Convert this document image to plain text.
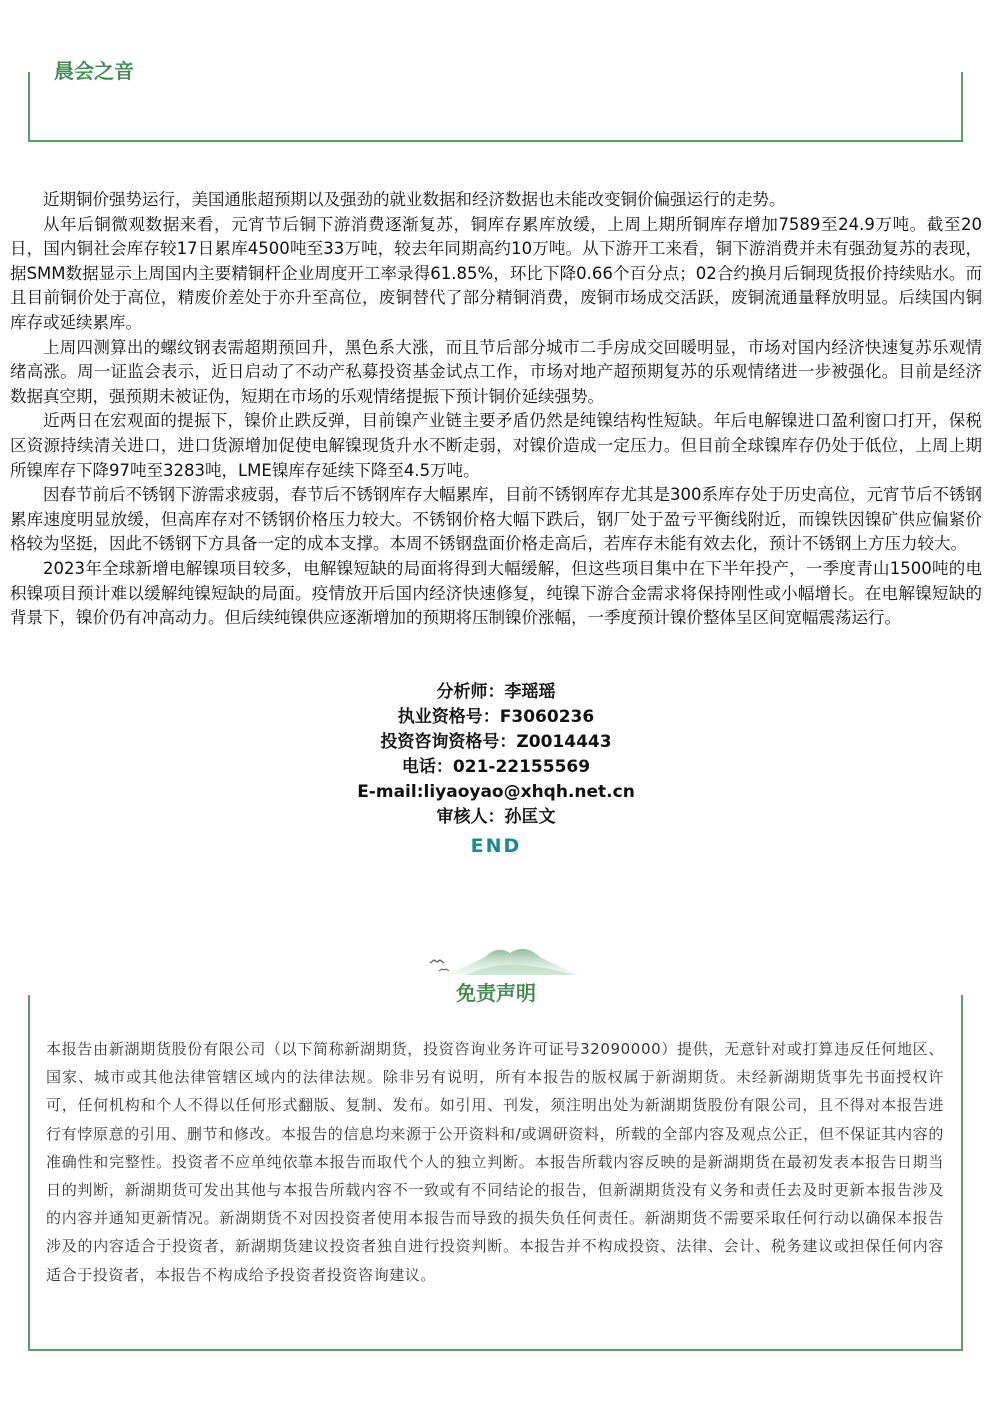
晨会之音

近期铜价强势运行，美国通胀超预期以及强劲的就业数据和经济数据也未能改变铜价偏强运行的走势。

从年后铜微观数据来看，元宵节后铜下游消费逐渐复苏，铜库存累库放缓，上周上期所铜库存增加7589至24.9万吨。截至20日，国内铜社会库存较17日累库4500吨至33万吨，较去年同期高约10万吨。从下游开工来看，铜下游消费并未有强劲复苏的表现，据SMM数据显示上周国内主要精铜杆企业周度开工率录得61.85%，环比下降0.66个百分点；02合约换月后铜现货报价持续贴水。而且目前铜价处于高位，精废价差处于亦升至高位，废铜替代了部分精铜消费，废铜市场成交活跃，废铜流通量释放明显。后续国内铜库存或延续累库。

上周四测算出的螺纹钢表需超期预回升，黑色系大涨，而且节后部分城市二手房成交回暖明显，市场对国内经济快速复苏乐观情绪高涨。周一证监会表示，近日启动了不动产私募投资基金试点工作，市场对地产超预期复苏的乐观情绪进一步被强化。目前是经济数据真空期，强预期未被证伪，短期在市场的乐观情绪提振下预计铜价延续强势。

近两日在宏观面的提振下，镍价止跌反弹，目前镍产业链主要矛盾仍然是纯镍结构性短缺。年后电解镍进口盈利窗口打开，保税区资源持续清关进口，进口货源增加促使电解镍现货升水不断走弱，对镍价造成一定压力。但目前全球镍库存仍处于低位，上周上期所镍库存下降97吨至3283吨，LME镍库存延续下降至4.5万吨。

因春节前后不锈钢下游需求疲弱，春节后不锈钢库存大幅累库，目前不锈钢库存尤其是300系库存处于历史高位，元宵节后不锈钢累库速度明显放缓，但高库存对不锈钢价格压力较大。不锈钢价格大幅下跌后，钢厂处于盈亏平衡线附近，而镍铁因镍矿供应偏紧价格较为坚挺，因此不锈钢下方具备一定的成本支撑。本周不锈钢盘面价格走高后，若库存未能有效去化，预计不锈钢上方压力较大。

2023年全球新增电解镍项目较多，电解镍短缺的局面将得到大幅缓解，但这些项目集中在下半年投产，一季度青山1500吨的电积镍项目预计难以缓解纯镍短缺的局面。疫情放开后国内经济快速修复，纯镍下游合金需求将保持刚性或小幅增长。在电解镍短缺的背景下，镍价仍有冲高动力。但后续纯镍供应逐渐增加的预期将压制镍价涨幅，一季度预计镍价整体呈区间宽幅震荡运行。

分析师：李瑶瑶
执业资格号：F3060236
投资咨询资格号：Z0014443
电话：021-22155569
E-mail:liyaoyao@xhqh.net.cn
审核人：孙匡文
END
免责声明
本报告由新湖期货股份有限公司（以下简称新湖期货，投资咨询业务许可证号32090000）提供，无意针对或打算违反任何地区、国家、城市或其他法律管辖区域内的法律法规。除非另有说明，所有本报告的版权属于新湖期货。未经新湖期货事先书面授权许可，任何机构和个人不得以任何形式翻版、复制、发布。如引用、刊发，须注明出处为新湖期货股份有限公司，且不得对本报告进行有悖原意的引用、删节和修改。本报告的信息均来源于公开资料和/或调研资料，所载的全部内容及观点公正，但不保证其内容的准确性和完整性。投资者不应单纯依靠本报告而取代个人的独立判断。本报告所载内容反映的是新湖期货在最初发表本报告日期当日的判断，新湖期货可发出其他与本报告所载内容不一致或有不同结论的报告，但新湖期货没有义务和责任去及时更新本报告涉及的内容并通知更新情况。新湖期货不对因投资者使用本报告而导致的损失负任何责任。新湖期货不需要采取任何行动以确保本报告涉及的内容适合于投资者，新湖期货建议投资者独自进行投资判断。本报告并不构成投资、法律、会计、税务建议或担保任何内容适合于投资者，本报告不构成给予投资者投资咨询建议。
